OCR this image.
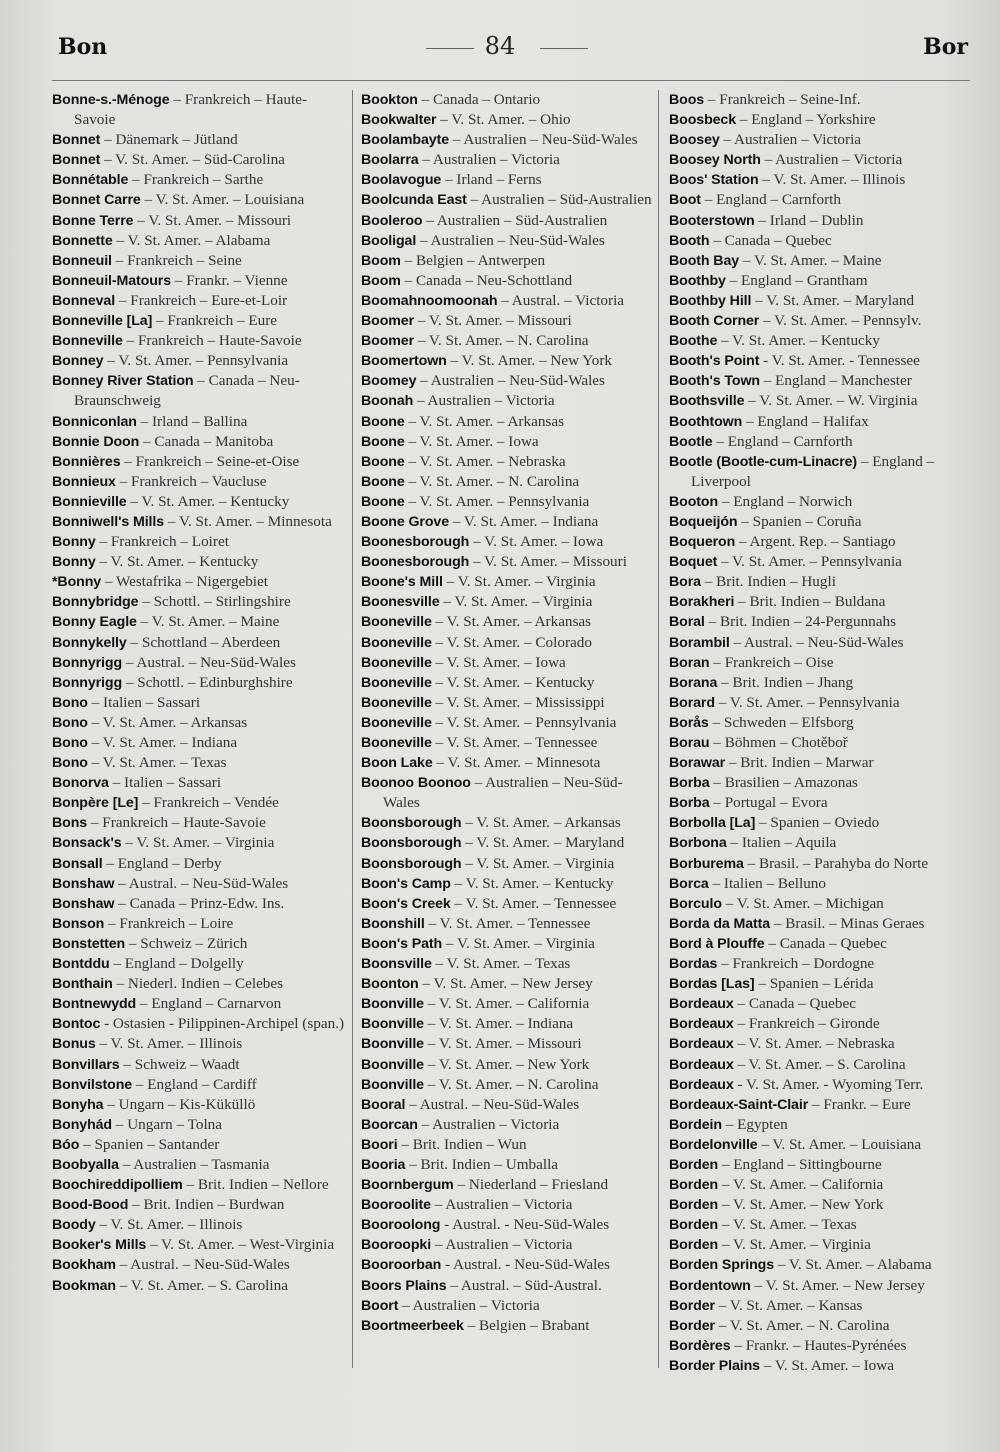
Bon	84	Bor
Bonne-s.-Ménoge – Frankreich – Haute-Savoie
Bonnet – Dänemark – Jütland
Bonnet – V. St. Amer. – Süd-Carolina
Bonnétable – Frankreich – Sarthe
Bonnet Carre – V. St. Amer. – Louisiana
Bonne Terre – V. St. Amer. – Missouri
Bonnette – V. St. Amer. – Alabama
Bonneuil – Frankreich – Seine
Bonneuil-Matours – Frankr. – Vienne
Bonneval – Frankreich – Eure-et-Loir
Bonneville [La] – Frankreich – Eure
Bonneville – Frankreich – Haute-Savoie
Bonney – V. St. Amer. – Pennsylvania
Bonney River Station – Canada – Neu-Braunschweig
Bonniconlan – Irland – Ballina
Bonnie Doon – Canada – Manitoba
Bonnières – Frankreich – Seine-et-Oise
Bonnieux – Frankreich – Vaucluse
Bonnieville – V. St. Amer. – Kentucky
Bonniwell's Mills – V. St. Amer. – Minnesota
Bonny – Frankreich – Loiret
Bonny – V. St. Amer. – Kentucky
*Bonny – Westafrika – Nigergebiet
Bonnybridge – Schottl. – Stirlingshire
Bonny Eagle – V. St. Amer. – Maine
Bonnykelly – Schottland – Aberdeen
Bonnyrigg – Austral. – Neu-Süd-Wales
Bonnyrigg – Schottl. – Edinburghshire
Bono – Italien – Sassari
Bono – V. St. Amer. – Arkansas
Bono – V. St. Amer. – Indiana
Bono – V. St. Amer. – Texas
Bonorva – Italien – Sassari
Bonpère [Le] – Frankreich – Vendée
Bons – Frankreich – Haute-Savoie
Bonsack's – V. St. Amer. – Virginia
Bonsall – England – Derby
Bonshaw – Austral. – Neu-Süd-Wales
Bonshaw – Canada – Prinz-Edw. Ins.
Bonson – Frankreich – Loire
Bonstetten – Schweiz – Zürich
Bontddu – England – Dolgelly
Bonthain – Niederl. Indien – Celebes
Bontnewydd – England – Carnarvon
Bontoc - Ostasien - Pilippinen-Archipel (span.)
Bonus – V. St. Amer. – Illinois
Bonvillars – Schweiz – Waadt
Bonvilstone – England – Cardiff
Bonyha – Ungarn – Kis-Küküllö
Bonyhád – Ungarn – Tolna
Bóo – Spanien – Santander
Boobyalla – Australien – Tasmania
Boochireddipolliem – Brit. Indien – Nellore
Bood-Bood – Brit. Indien – Burdwan
Boody – V. St. Amer. – Illinois
Booker's Mills – V. St. Amer. – West-Virginia
Bookham – Austral. – Neu-Süd-Wales
Bookman – V. St. Amer. – S. Carolina
Bookton – Canada – Ontario
Bookwalter – V. St. Amer. – Ohio
Boolambayte – Australien – Neu-Süd-Wales
Boolarra – Australien – Victoria
Boolavogue – Irland – Ferns
Boolcunda East – Australien – Süd-Australien
Booleroo – Australien – Süd-Australien
Booligal – Australien – Neu-Süd-Wales
Boom – Belgien – Antwerpen
Boom – Canada – Neu-Schottland
Boomahnoomoonah – Austral. – Victoria
Boomer – V. St. Amer. – Missouri
Boomer – V. St. Amer. – N. Carolina
Boomertown – V. St. Amer. – New York
Boomey – Australien – Neu-Süd-Wales
Boonah – Australien – Victoria
Boone – V. St. Amer. – Arkansas
Boone – V. St. Amer. – Iowa
Boone – V. St. Amer. – Nebraska
Boone – V. St. Amer. – N. Carolina
Boone – V. St. Amer. – Pennsylvania
Boone Grove – V. St. Amer. – Indiana
Boonesborough – V. St. Amer. – Iowa
Boonesborough – V. St. Amer. – Missouri
Boone's Mill – V. St. Amer. – Virginia
Boonesville – V. St. Amer. – Virginia
Booneville – V. St. Amer. – Arkansas
Booneville – V. St. Amer. – Colorado
Booneville – V. St. Amer. – Iowa
Booneville – V. St. Amer. – Kentucky
Booneville – V. St. Amer. – Mississippi
Booneville – V. St. Amer. – Pennsylvania
Booneville – V. St. Amer. – Tennessee
Boon Lake – V. St. Amer. – Minnesota
Boonoo Boonoo – Australien – Neu-Süd-Wales
Boonsborough – V. St. Amer. – Arkansas
Boonsborough – V. St. Amer. – Maryland
Boonsborough – V. St. Amer. – Virginia
Boon's Camp – V. St. Amer. – Kentucky
Boon's Creek – V. St. Amer. – Tennessee
Boonshill – V. St. Amer. – Tennessee
Boon's Path – V. St. Amer. – Virginia
Boonsville – V. St. Amer. – Texas
Boonton – V. St. Amer. – New Jersey
Boonville – V. St. Amer. – California
Boonville – V. St. Amer. – Indiana
Boonville – V. St. Amer. – Missouri
Boonville – V. St. Amer. – New York
Boonville – V. St. Amer. – N. Carolina
Booral – Austral. – Neu-Süd-Wales
Boorcan – Australien – Victoria
Boori – Brit. Indien – Wun
Booria – Brit. Indien – Umballa
Boornbergum – Niederland – Friesland
Booroolite – Australien – Victoria
Booroolong - Austral. - Neu-Süd-Wales
Booroopki – Australien – Victoria
Booroorban - Austral. - Neu-Süd-Wales
Boors Plains – Austral. – Süd-Austral.
Boort – Australien – Victoria
Boortmeerbeek – Belgien – Brabant
Boos – Frankreich – Seine-Inf.
Boosbeck – England – Yorkshire
Boosey – Australien – Victoria
Boosey North – Australien – Victoria
Boos' Station – V. St. Amer. – Illinois
Boot – England – Carnforth
Booterstown – Irland – Dublin
Booth – Canada – Quebec
Booth Bay – V. St. Amer. – Maine
Boothby – England – Grantham
Boothby Hill – V. St. Amer. – Maryland
Booth Corner – V. St. Amer. – Pennsylv.
Boothe – V. St. Amer. – Kentucky
Booth's Point - V. St. Amer. - Tennessee
Booth's Town – England – Manchester
Boothsville – V. St. Amer. – W. Virginia
Boothtown – England – Halifax
Bootle – England – Carnforth
Bootle (Bootle-cum-Linacre) – England – Liverpool
Booton – England – Norwich
Boqueijón – Spanien – Coruña
Boqueron – Argent. Rep. – Santiago
Boquet – V. St. Amer. – Pennsylvania
Bora – Brit. Indien – Hugli
Borakheri – Brit. Indien – Buldana
Boral – Brit. Indien – 24-Pergunnahs
Borambil – Austral. – Neu-Süd-Wales
Boran – Frankreich – Oise
Borana – Brit. Indien – Jhang
Borard – V. St. Amer. – Pennsylvania
Borås – Schweden – Elfsborg
Borau – Böhmen – Chotěboř
Borawar – Brit. Indien – Marwar
Borba – Brasilien – Amazonas
Borba – Portugal – Evora
Borbolla [La] – Spanien – Oviedo
Borbona – Italien – Aquila
Borburema – Brasil. – Parahyba do Norte
Borca – Italien – Belluno
Borculo – V. St. Amer. – Michigan
Borda da Matta – Brasil. – Minas Geraes
Bord à Plouffe – Canada – Quebec
Bordas – Frankreich – Dordogne
Bordas [Las] – Spanien – Lérida
Bordeaux – Canada – Quebec
Bordeaux – Frankreich – Gironde
Bordeaux – V. St. Amer. – Nebraska
Bordeaux – V. St. Amer. – S. Carolina
Bordeaux - V. St. Amer. - Wyoming Terr.
Bordeaux-Saint-Clair – Frankr. – Eure
Bordein – Egypten
Bordelonville – V. St. Amer. – Louisiana
Borden – England – Sittingbourne
Borden – V. St. Amer. – California
Borden – V. St. Amer. – New York
Borden – V. St. Amer. – Texas
Borden – V. St. Amer. – Virginia
Borden Springs – V. St. Amer. – Alabama
Bordentown – V. St. Amer. – New Jersey
Border – V. St. Amer. – Kansas
Border – V. St. Amer. – N. Carolina
Bordères – Frankr. – Hautes-Pyrénées
Border Plains – V. St. Amer. – Iowa
